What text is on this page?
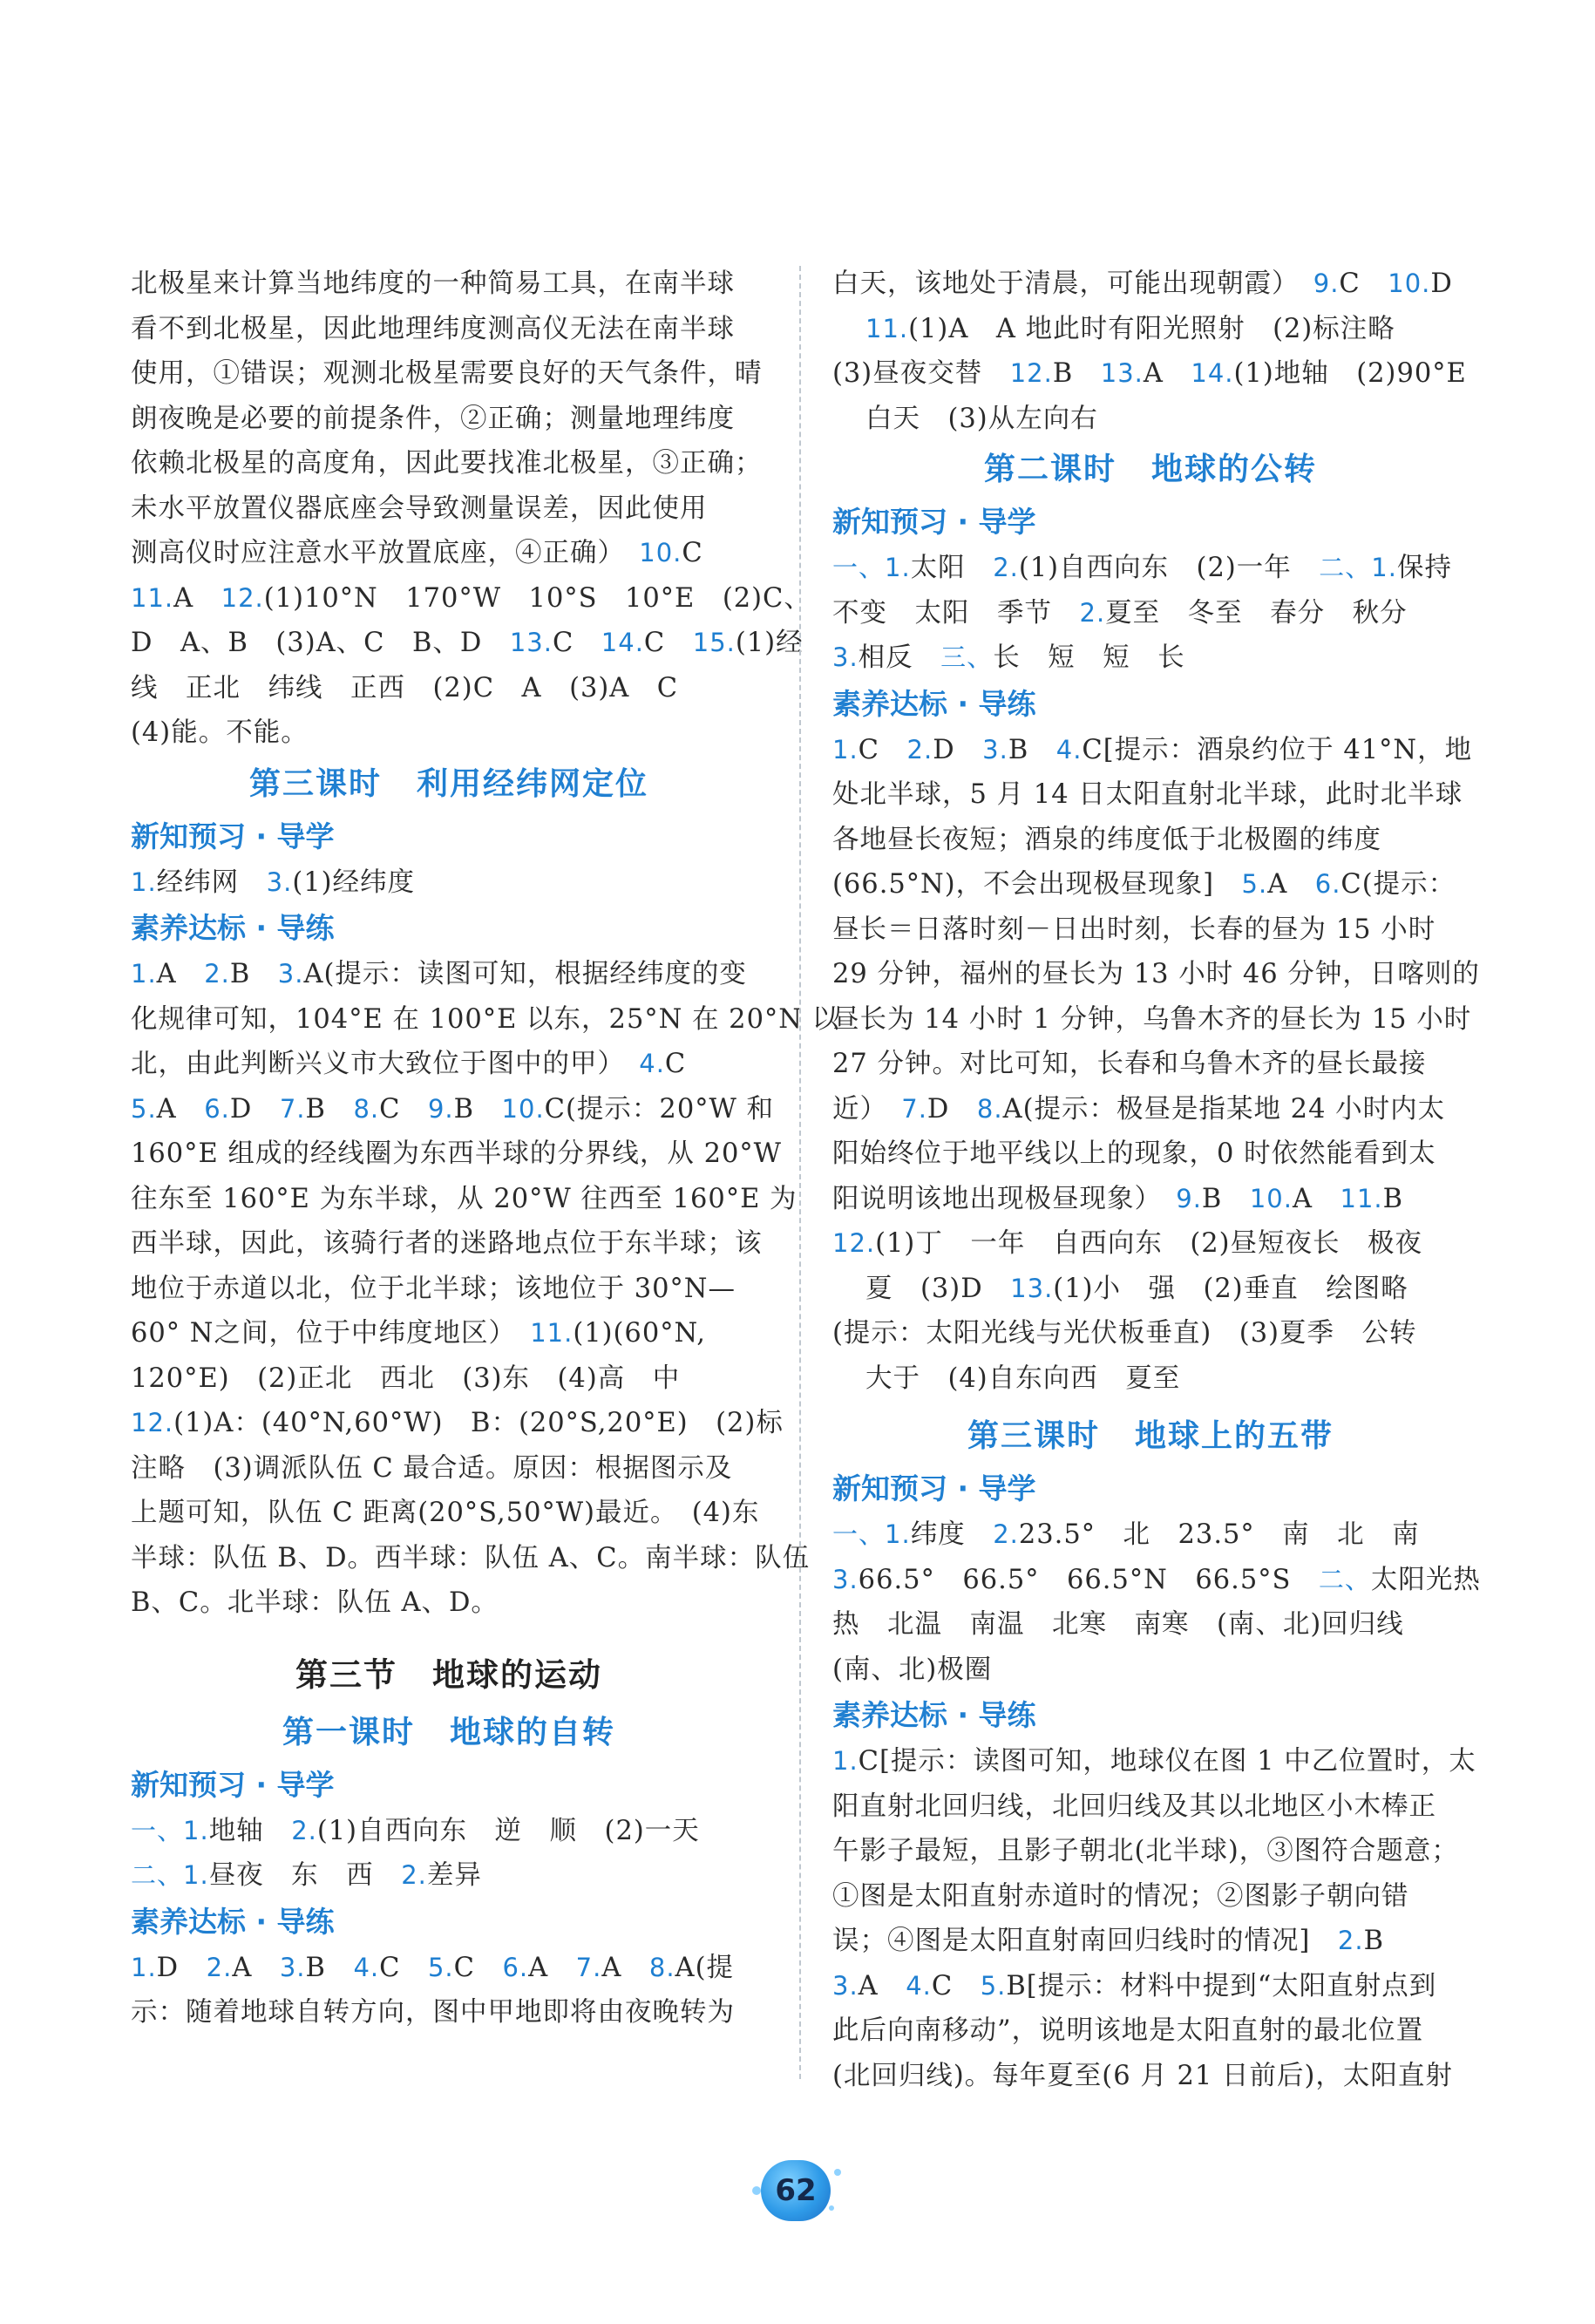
北极星来计算当地纬度的一种简易工具，在南半球
看不到北极星，因此地理纬度测高仪无法在南半球
使用，①错误；观测北极星需要良好的天气条件，晴
朗夜晚是必要的前提条件，②正确；测量地理纬度
依赖北极星的高度角，因此要找准北极星，③正确；
未水平放置仪器底座会导致测量误差，因此使用
测高仪时应注意水平放置底座，④正确）　 10.C
11.A　 12.(1)10°N　170°W　10°S　10°E　(2)C、
D　A、B　(3)A、C　B、D　 13.C　 14.C　 15.(1)经
线　正北　纬线　正西　(2)C　A　(3)A　C
(4)能。不能。
第三课时 利用经纬网定位
新知预习 · 导学
1.经纬网　 3.(1)经纬度
素养达标 · 导练
1.A　 2.B　 3.A(提示：读图可知，根据经纬度的变
化规律可知，104°E 在 100°E 以东，25°N 在 20°N 以
北，由此判断兴义市大致位于图中的甲）　 4.C
5.A　 6.D　 7.B　 8.C　 9.B　 10.C(提示：20°W 和
160°E 组成的经线圈为东西半球的分界线，从 20°W
往东至 160°E 为东半球，从 20°W 往西至 160°E 为
西半球，因此，该骑行者的迷路地点位于东半球；该
地位于赤道以北，位于北半球；该地位于 30°N—
60° N之间，位于中纬度地区）　 11.(1)(60°N,
120°E)　(2)正北　西北　(3)东　(4)高　中
12.(1)A：(40°N,60°W)　B：(20°S,20°E)　(2)标
注略　(3)调派队伍 C 最合适。原因：根据图示及
上题可知，队伍 C 距离(20°S,50°W)最近。　(4)东
半球：队伍 B、D。西半球：队伍 A、C。南半球：队伍
B、C。北半球：队伍 A、D。
第三节 地球的运动
第一课时 地球的自转
新知预习 · 导学
一、1.地轴　 2.(1)自西向东　逆　顺　(2)一天
二、1.昼夜　东　西　 2.差异
素养达标 · 导练
1.D　 2.A　 3.B　 4.C　 5.C　 6.A　 7.A　 8.A(提
示：随着地球自转方向，图中甲地即将由夜晚转为
白天，该地处于清晨，可能出现朝霞）　 9.C　 10.D
11.(1)A　A 地此时有阳光照射　(2)标注略
(3)昼夜交替　 12.B　 13.A　 14.(1)地轴　(2)90°E
白天　(3)从左向右
第二课时 地球的公转
新知预习 · 导学
一、1.太阳　 2.(1)自西向东　(2)一年　 二、1.保持
不变　太阳　季节　 2.夏至　冬至　春分　秋分
3.相反　 三、长　短　短　长
素养达标 · 导练
1.C　 2.D　 3.B　 4.C[提示：酒泉约位于 41°N，地
处北半球，5 月 14 日太阳直射北半球，此时北半球
各地昼长夜短；酒泉的纬度低于北极圈的纬度
(66.5°N)，不会出现极昼现象]　 5.A　 6.C(提示：
昼长＝日落时刻－日出时刻，长春的昼为 15 小时
29 分钟，福州的昼长为 13 小时 46 分钟，日喀则的
昼长为 14 小时 1 分钟，乌鲁木齐的昼长为 15 小时
27 分钟。对比可知，长春和乌鲁木齐的昼长最接
近）　 7.D　 8.A(提示：极昼是指某地 24 小时内太
阳始终位于地平线以上的现象，0 时依然能看到太
阳说明该地出现极昼现象）　 9.B　 10.A　 11.B
12.(1)丁　一年　自西向东　(2)昼短夜长　极夜
夏　(3)D　 13.(1)小　强　(2)垂直　绘图略
(提示：太阳光线与光伏板垂直)　(3)夏季　公转
大于　(4)自东向西　夏至
第三课时 地球上的五带
新知预习 · 导学
一、1.纬度　 2.23.5°　北　23.5°　南　北　南
3.66.5°　66.5°　66.5°N　66.5°S　 二、太阳光热
热　北温　南温　北寒　南寒　(南、北)回归线
(南、北)极圈
素养达标 · 导练
1.C[提示：读图可知，地球仪在图 1 中乙位置时，太
阳直射北回归线，北回归线及其以北地区小木棒正
午影子最短，且影子朝北(北半球)，③图符合题意；
①图是太阳直射赤道时的情况；②图影子朝向错
误；④图是太阳直射南回归线时的情况]　 2.B
3.A　 4.C　 5.B[提示：材料中提到“太阳直射点到
此后向南移动”，说明该地是太阳直射的最北位置
(北回归线)。每年夏至(6 月 21 日前后)，太阳直射
62
